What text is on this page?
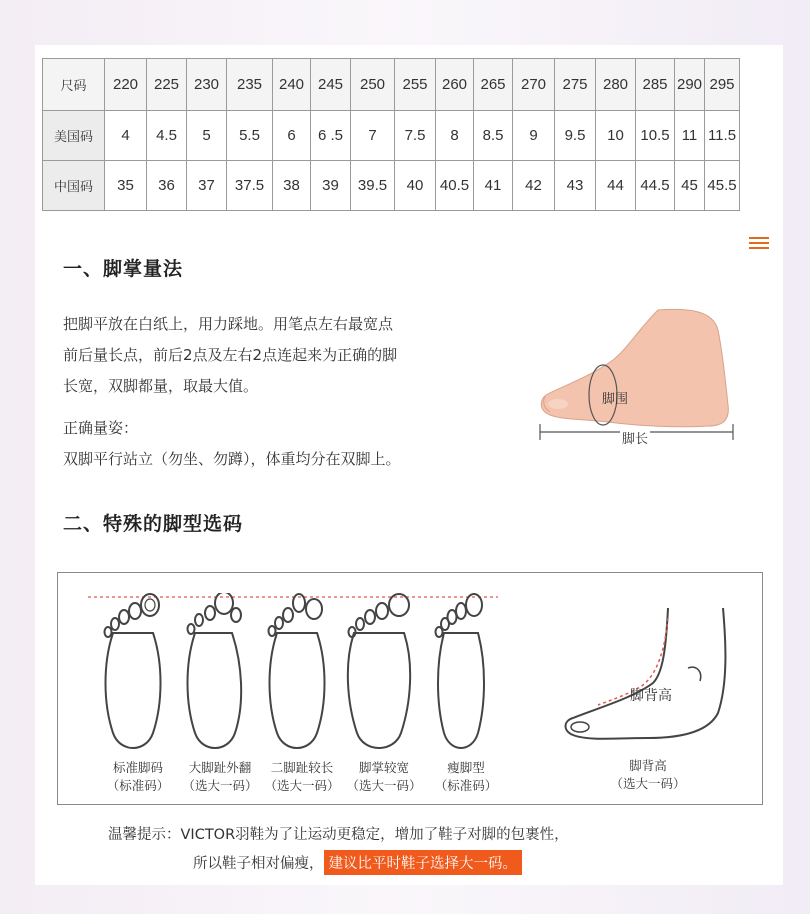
尺码	220	225	230	235	240	245	250	255	260	265	270	275	280	285	290	295
美国码	4	4.5	5	5.5	6	6 .5	7	7.5	8	8.5	9	9.5	10	10.5	11	11.5
中国码	35	36	37	37.5	38	39	39.5	40	40.5	41	42	43	44	44.5	45	45.5
一、脚掌量法
把脚平放在白纸上，用力踩地。用笔点左右最宽点
前后量长点，前后2点及左右2点连起来为正确的脚
长宽，双脚都量，取最大值。
正确量姿：
双脚平行站立（勿坐、勿蹲），体重均分在双脚上。
脚围
脚长
二、特殊的脚型选码
标准脚码
（标准码）
大脚趾外翻
（选大一码）
二脚趾较长
（选大一码）
脚掌较宽
（选大一码）
瘦脚型
（标准码）
脚背高
脚背高
（选大一码）
温馨提示：VICTOR羽鞋为了让运动更稳定，增加了鞋子对脚的包裹性，
所以鞋子相对偏瘦， 建议比平时鞋子选择大一码。
